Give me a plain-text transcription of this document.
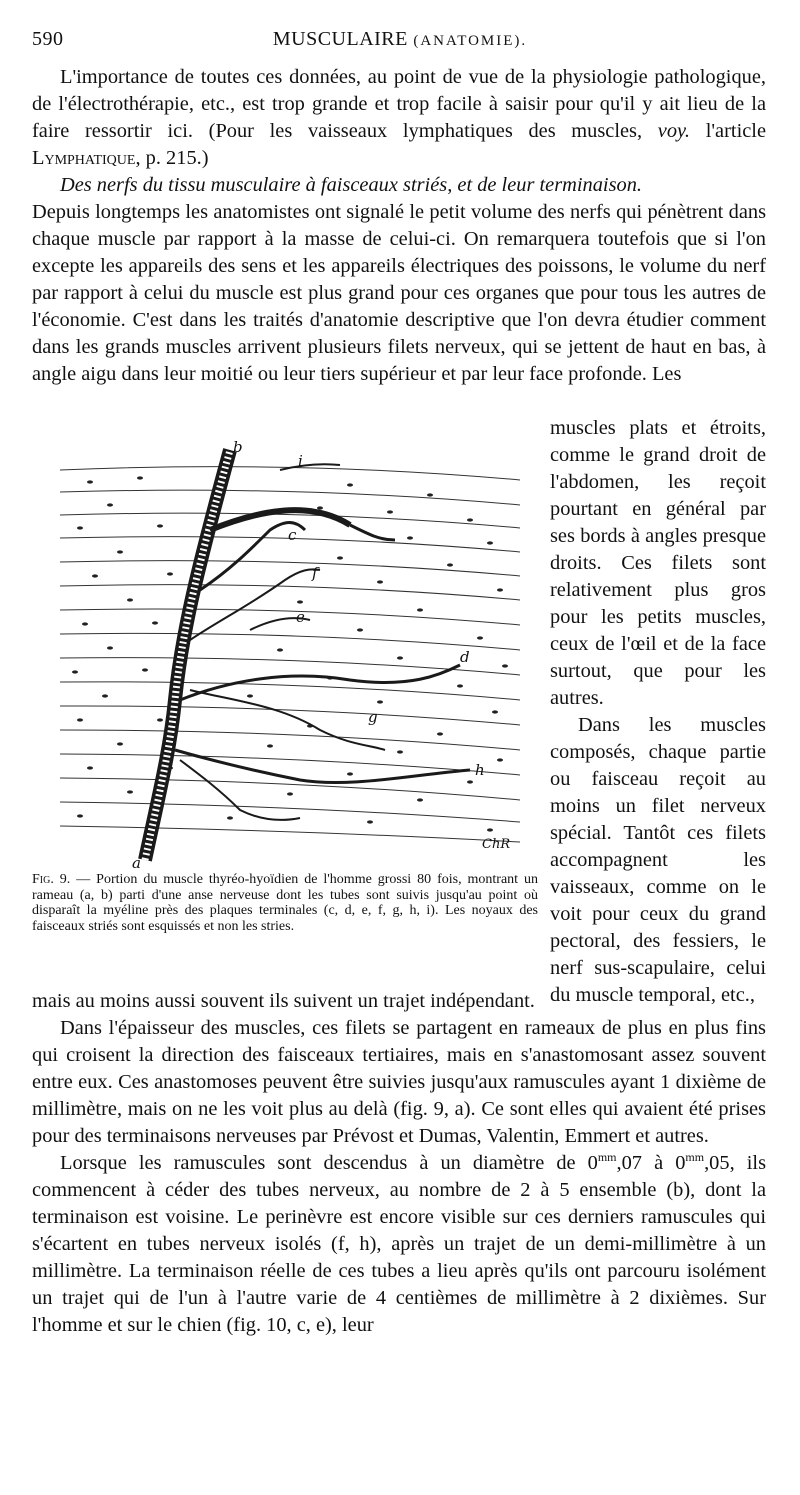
590	MUSCULAIRE (ANATOMIE).

L'importance de toutes ces données, au point de vue de la physiologie pathologique, de l'électrothérapie, etc., est trop grande et trop facile à saisir pour qu'il y ait lieu de la faire ressortir ici. (Pour les vaisseaux lymphatiques des muscles, voy. l'article Lymphatique, p. 215.)

Des nerfs du tissu musculaire à faisceaux striés, et de leur terminaison.

Depuis longtemps les anatomistes ont signalé le petit volume des nerfs qui pénètrent dans chaque muscle par rapport à la masse de celui-ci. On remarquera toutefois que si l'on excepte les appareils des sens et les appareils électriques des poissons, le volume du nerf par rapport à celui du muscle est plus grand pour ces organes que pour tous les autres de l'économie. C'est dans les traités d'anatomie descriptive que l'on devra étudier comment dans les grands muscles arrivent plusieurs filets nerveux, qui se jettent de haut en bas, à angle aigu dans leur moitié ou leur tiers supérieur et par leur face profonde. Les

muscles plats et étroits, comme le grand droit de l'abdomen, les reçoit pourtant en général par ses bords à angles presque droits. Ces filets sont relativement plus gros pour les petits muscles, ceux de l'œil et de la face surtout, que pour les autres.

Dans les muscles composés, chaque partie ou faisceau reçoit au moins un filet nerveux spécial. Tantôt ces filets accompagnent les vaisseaux, comme on le voit pour ceux du grand pectoral, des fessiers, le nerf sus-scapulaire, celui du muscle temporal, etc.,

b
i
c
f
e
d
g
h
a
ChR
Fig. 9. — Portion du muscle thyréo-hyoïdien de l'homme grossi 80 fois, montrant un rameau (a, b) parti d'une anse nerveuse dont les tubes sont suivis jusqu'au point où disparaît la myéline près des plaques terminales (c, d, e, f, g, h, i). Les noyaux des faisceaux striés sont esquissés et non les stries.

mais au moins aussi souvent ils suivent un trajet indépendant.

Dans l'épaisseur des muscles, ces filets se partagent en rameaux de plus en plus fins qui croisent la direction des faisceaux tertiaires, mais en s'anastomosant assez souvent entre eux. Ces anastomoses peuvent être suivies jusqu'aux ramuscules ayant 1 dixième de millimètre, mais on ne les voit plus au delà (fig. 9, a). Ce sont elles qui avaient été prises pour des terminaisons nerveuses par Prévost et Dumas, Valentin, Emmert et autres.

Lorsque les ramuscules sont descendus à un diamètre de $0^{mm},07$ à $0^{mm},05$, ils commencent à céder des tubes nerveux, au nombre de 2 à 5 ensemble (b), dont la terminaison est voisine. Le perinèvre est encore visible sur ces derniers ramuscules qui s'écartent en tubes nerveux isolés (f, h), après un trajet de un demi-millimètre à un millimètre. La terminaison réelle de ces tubes a lieu après qu'ils ont parcouru isolément un trajet qui de l'un à l'autre varie de 4 centièmes de millimètre à 2 dixièmes. Sur l'homme et sur le chien (fig. 10, c, e), leur
